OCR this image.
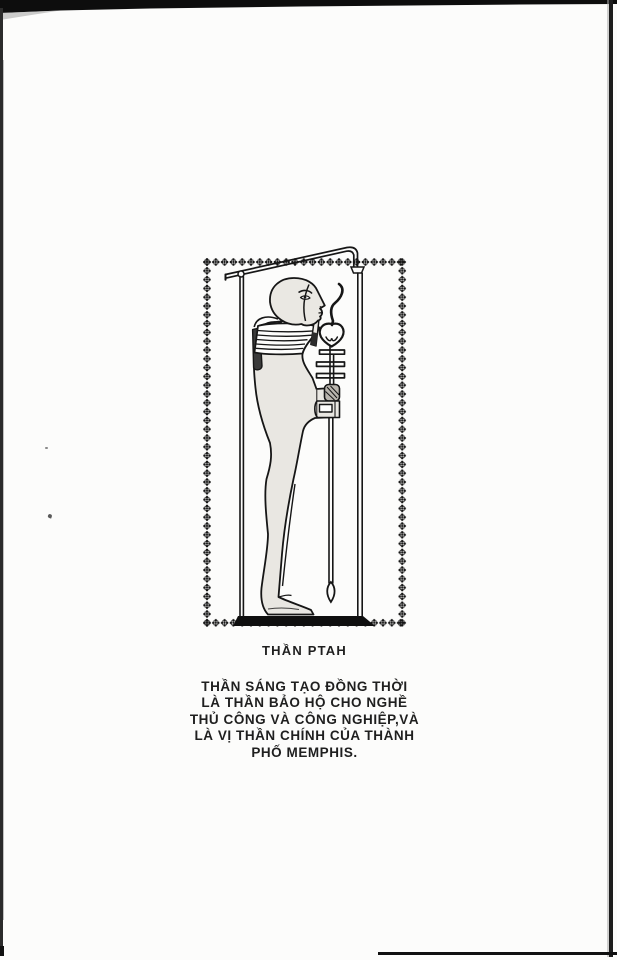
THẦN PTAH
THẦN SÁNG TẠO ĐỒNG THỜI
LÀ THẦN BẢO HỘ CHO NGHỀ
THỦ CÔNG VÀ CÔNG NGHIỆP,VÀ
LÀ VỊ THẦN CHÍNH CỦA THÀNH
PHỐ MEMPHIS.
